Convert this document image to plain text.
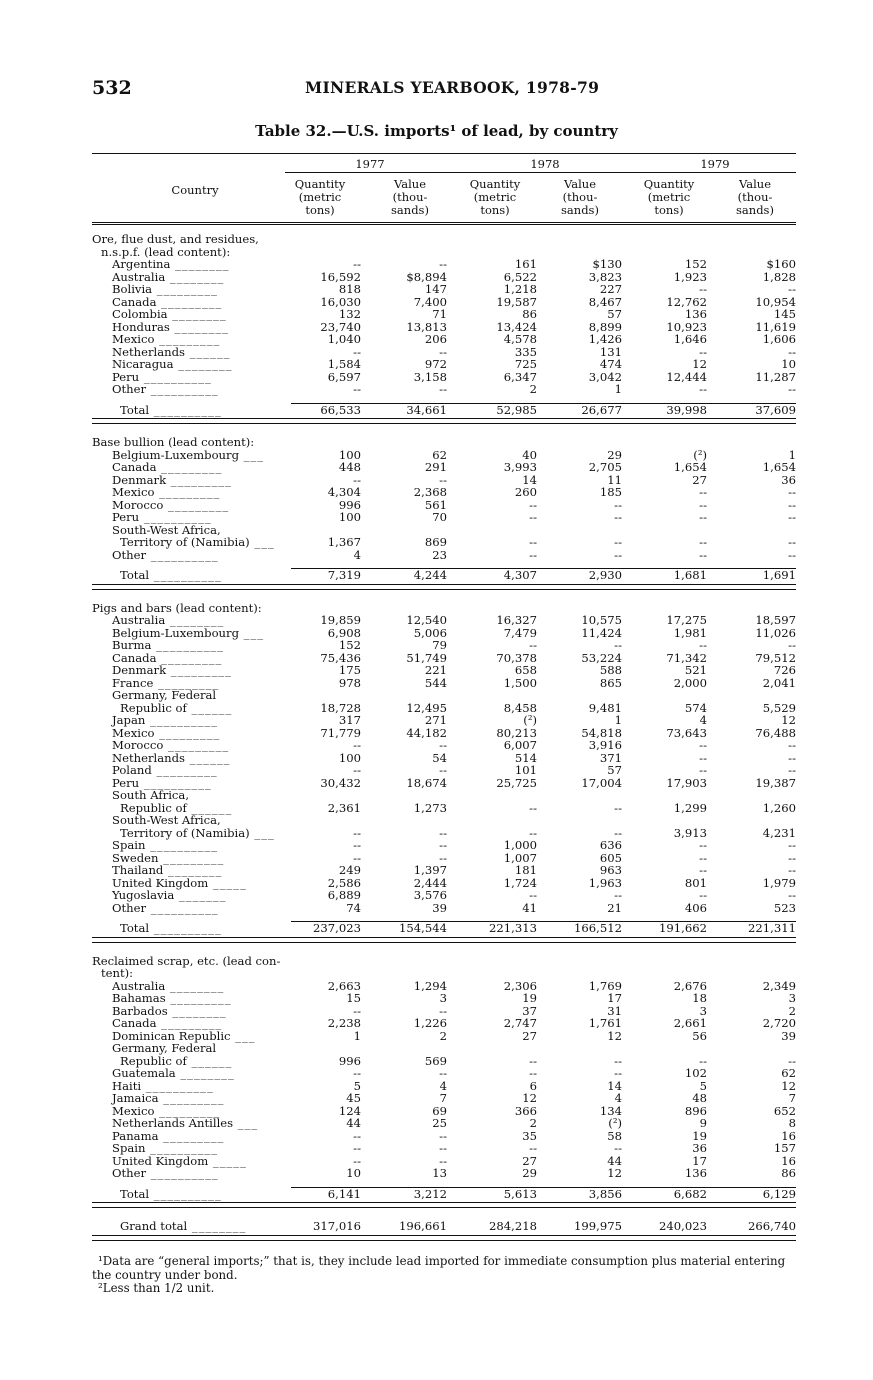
532	MINERALS YEARBOOK, 1978-79
Table 32.—U.S. imports¹ of lead, by country
1977	1978	1979
Country	Quantity
(metric
tons)
Value
(thou-
sands)
Quantity
(metric
tons)
Value
(thou-
sands)
Quantity
(metric
tons)
Value
(thou-
sands)
Ore, flue dust, and residues,
n.s.p.f. (lead content):
Argentina ________	--	--	161	$130	152	$160
Australia ________	16,592	$8,894	6,522	3,823	1,923	1,828
Bolivia _________	818	147	1,218	227	--	--
Canada _________	16,030	7,400	19,587	8,467	12,762	10,954
Colombia ________	132	71	86	57	136	145
Honduras ________	23,740	13,813	13,424	8,899	10,923	11,619
Mexico _________	1,040	206	4,578	1,426	1,646	1,606
Netherlands ______	--	--	335	131	--	--
Nicaragua ________	1,584	972	725	474	12	10
Peru __________	6,597	3,158	6,347	3,042	12,444	11,287
Other __________	--	--	2	1	--	--
Total __________	66,533	34,661	52,985	26,677	39,998	37,609
Base bullion (lead content):
Belgium-Luxembourg ___	100	62	40	29	(²)	1
Canada _________	448	291	3,993	2,705	1,654	1,654
Denmark _________	--	--	14	11	27	36
Mexico _________	4,304	2,368	260	185	--	--
Morocco _________	996	561	--	--	--	--
Peru __________	100	70	--	--	--	--
South-West Africa,
Territory of (Namibia) ___	1,367	869	--	--	--	--
Other __________	4	23	--	--	--	--
Total __________	7,319	4,244	4,307	2,930	1,681	1,691
Pigs and bars (lead content):
Australia ________	19,859	12,540	16,327	10,575	17,275	18,597
Belgium-Luxembourg ___	6,908	5,006	7,479	11,424	1,981	11,026
Burma __________	152	79	--	--	--	--
Canada _________	75,436	51,749	70,378	53,224	71,342	79,512
Denmark _________	175	221	658	588	521	726
France _________	978	544	1,500	865	2,000	2,041
Germany, Federal
Republic of ______	18,728	12,495	8,458	9,481	574	5,529
Japan __________	317	271	(²)	1	4	12
Mexico _________	71,779	44,182	80,213	54,818	73,643	76,488
Morocco _________	--	--	6,007	3,916	--	--
Netherlands ______	100	54	514	371	--	--
Poland _________	--	--	101	57	--	--
Peru __________	30,432	18,674	25,725	17,004	17,903	19,387
South Africa,
Republic of ______	2,361	1,273	--	--	1,299	1,260
South-West Africa,
Territory of (Namibia) ___	--	--	--	--	3,913	4,231
Spain __________	--	--	1,000	636	--	--
Sweden _________	--	--	1,007	605	--	--
Thailand ________	249	1,397	181	963	--	--
United Kingdom _____	2,586	2,444	1,724	1,963	801	1,979
Yugoslavia _______	6,889	3,576	--	--	--	--
Other __________	74	39	41	21	406	523
Total __________	237,023	154,544	221,313	166,512	191,662	221,311
Reclaimed scrap, etc. (lead con-
tent):
Australia ________	2,663	1,294	2,306	1,769	2,676	2,349
Bahamas _________	15	3	19	17	18	3
Barbados ________	--	--	37	31	3	2
Canada _________	2,238	1,226	2,747	1,761	2,661	2,720
Dominican Republic ___	1	2	27	12	56	39
Germany, Federal
Republic of ______	996	569	--	--	--	--
Guatemala ________	--	--	--	--	102	62
Haiti __________	5	4	6	14	5	12
Jamaica _________	45	7	12	4	48	7
Mexico _________	124	69	366	134	896	652
Netherlands Antilles ___	44	25	2	(²)	9	8
Panama _________	--	--	35	58	19	16
Spain __________	--	--	--	--	36	157
United Kingdom _____	--	--	27	44	17	16
Other __________	10	13	29	12	136	86
Total __________	6,141	3,212	5,613	3,856	6,682	6,129
Grand total ________	317,016	196,661	284,218	199,975	240,023	266,740
¹Data are “general imports;” that is, they include lead imported for immediate consumption plus material entering the country under bond.
²Less than 1/2 unit.
